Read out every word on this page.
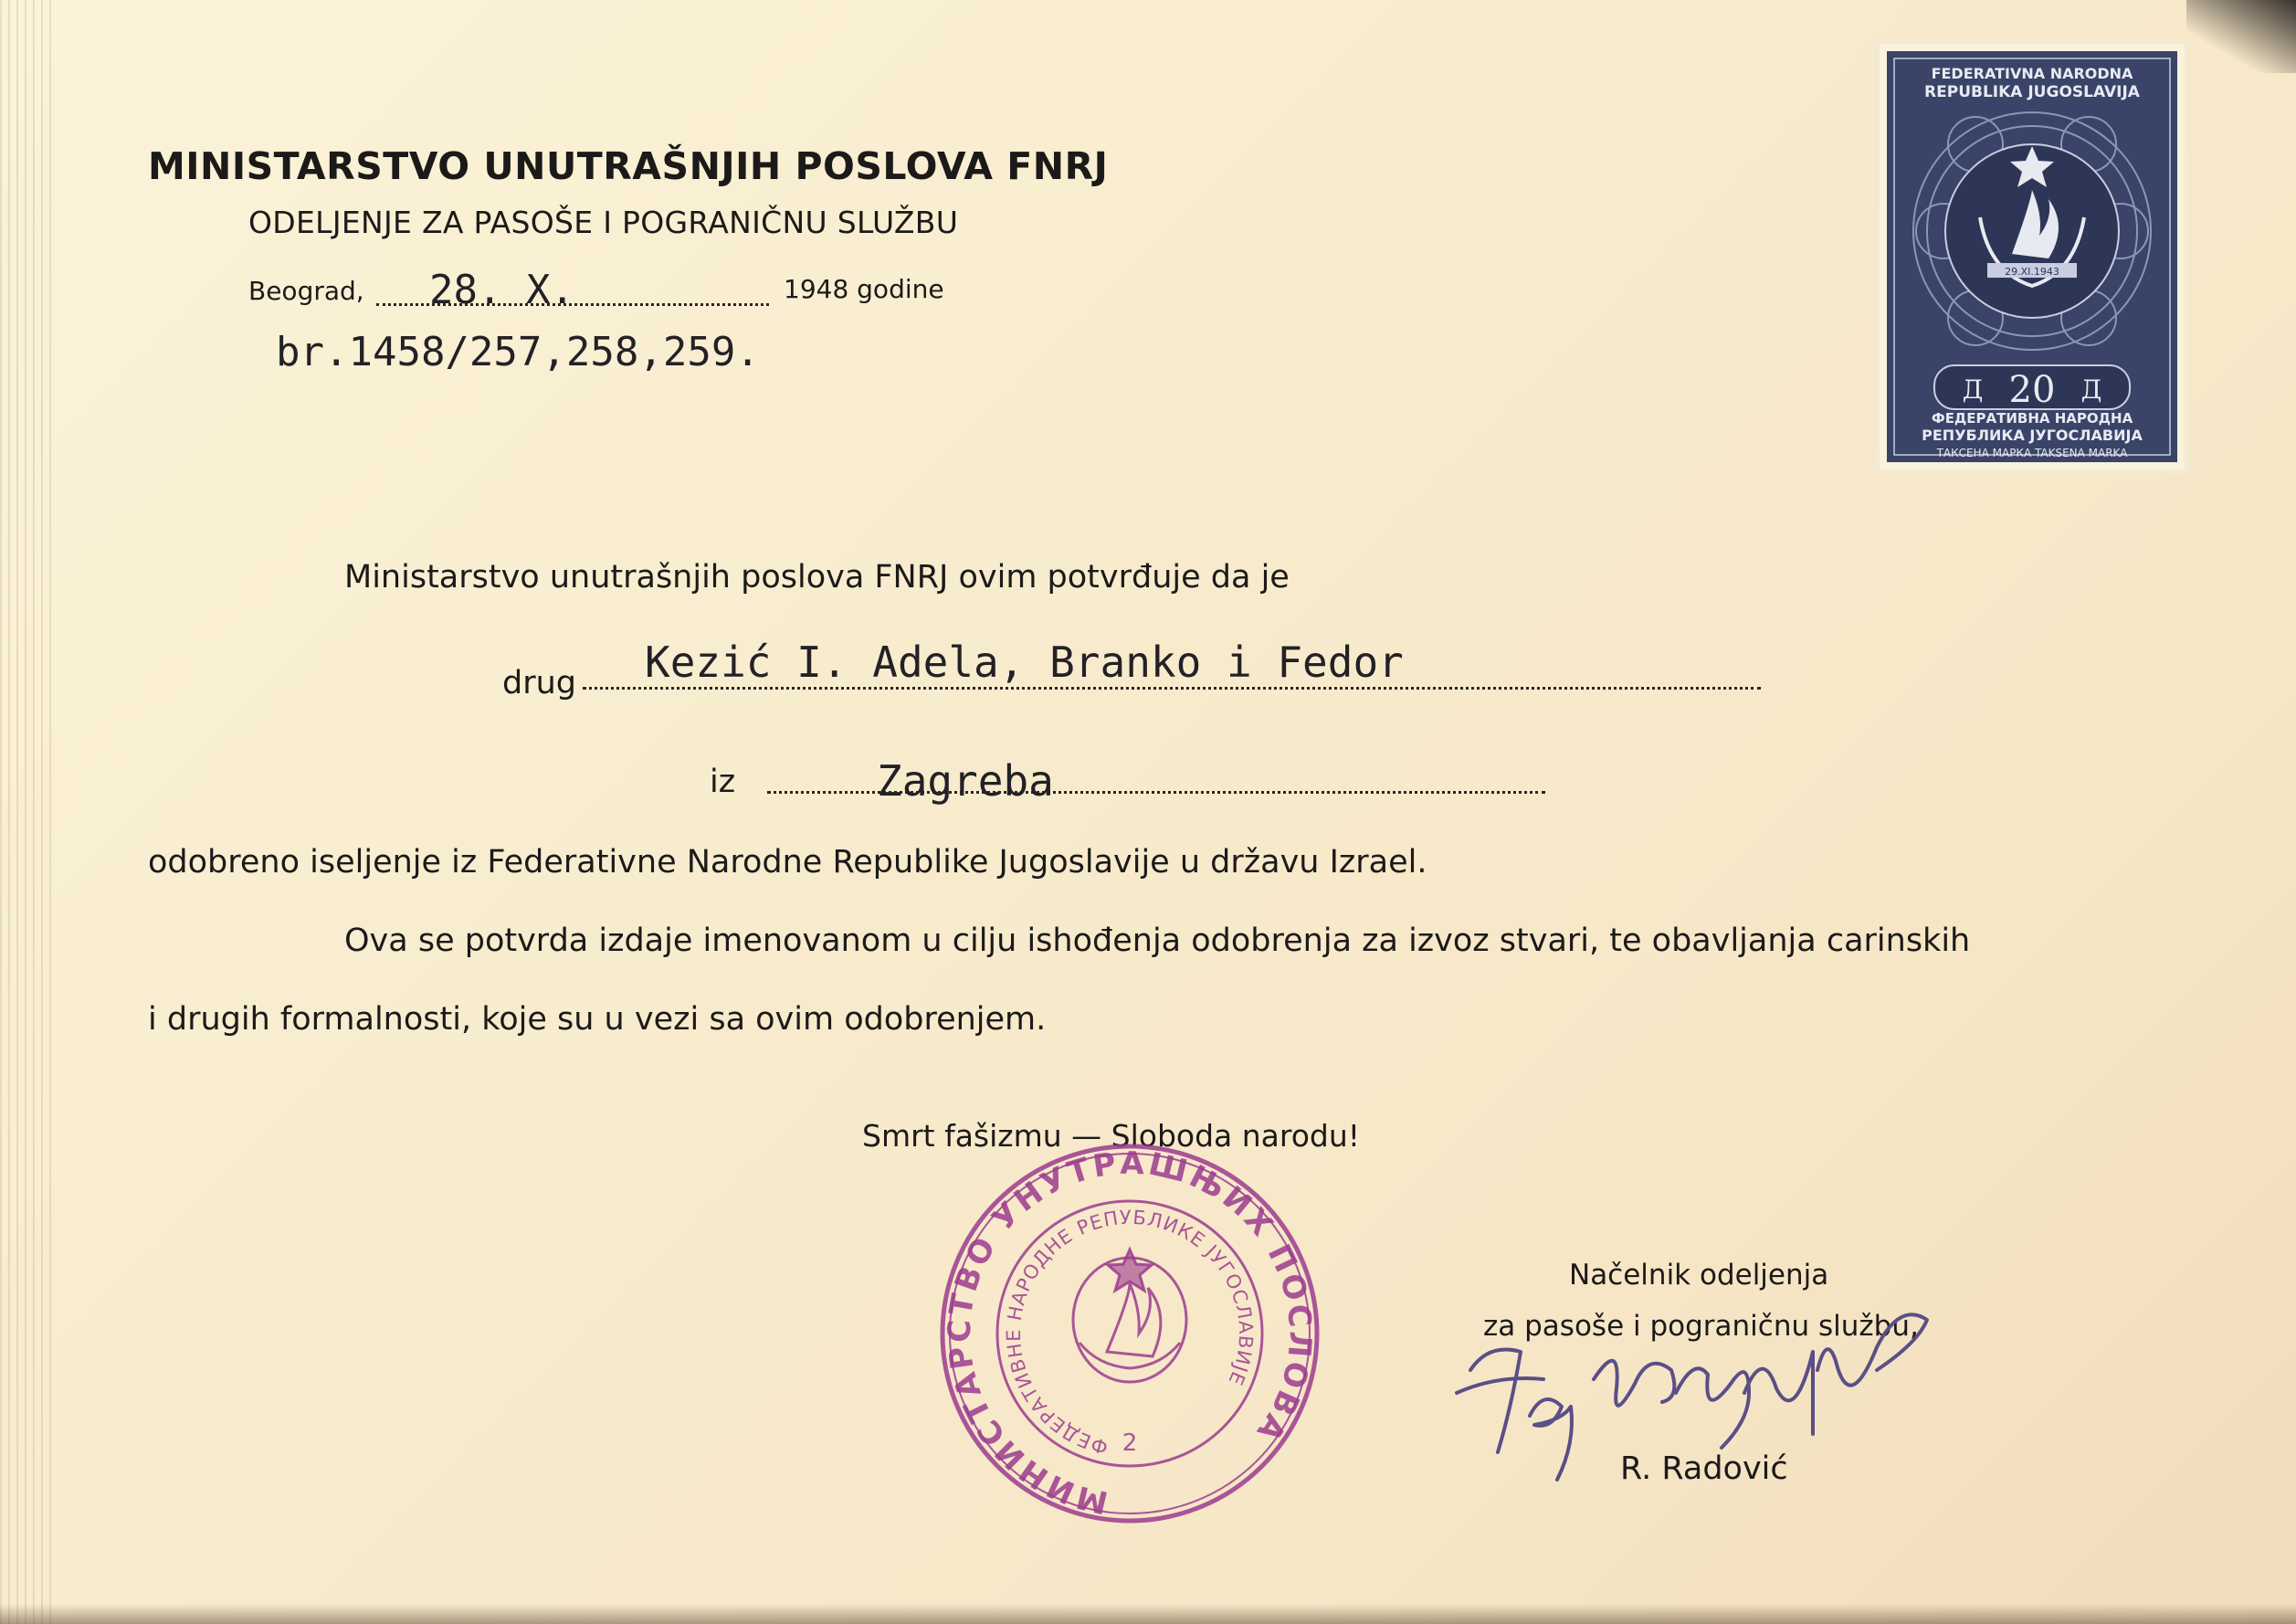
MINISTARSTVO UNUTRAŠNJIH POSLOVA FNRJ
ODELJENJE ZA PASOŠE I POGRANIČNU SLUŽBU
Beograd, 28. X.	1948 godine
br.1458/257,258,259.
Ministarstvo unutrašnjih poslova FNRJ ovim potvrđuje da je
drug Kezić I. Adela, Branko i Fedor
iz	Zagreba
odobreno iseljenje iz Federativne Narodne Republike Jugoslavije u državu Izrael.
Ova se potvrda izdaje imenovanom u cilju ishođenja odobrenja za izvoz stvari, te obavljanja carinskih
i drugih formalnosti, koje su u vezi sa ovim odobrenjem.
Smrt fašizmu — Sloboda narodu!
МИНИСТАРСТВО УНУТРАШЊИХ ПОСЛОВА
ФЕДЕРАТИВНЕ НАРОДНЕ РЕПУБЛИКЕ ЈУГОСЛАВИЈЕ
2
Načelnik odeljenja
za pasoše i pograničnu službu,
R. Radović
FEDERATIVNA NARODNA
REPUBLIKA JUGOSLAVIJA
29.XI.1943
Д 20 Д
ФЕДЕРАТИВНА НАРОДНА
РЕПУБЛИКА ЈУГОСЛАВИЈА
ТАКСЕНА МАРКА TAKSENA MARKA
